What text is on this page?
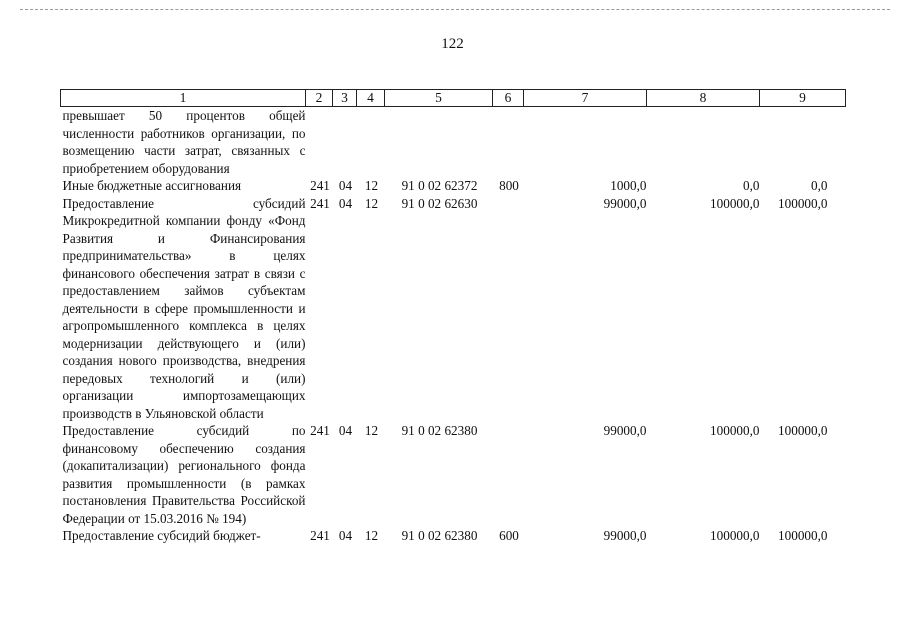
122
1	2	3	4	5	6	7	8	9
превышает 50 процентов общей численности работников организации, по возмещению части затрат, связанных с приобретением оборудования								
Иные бюджетные ассигнования	241	04	12	91 0 02 62372	800	1000,0	0,0	0,0
Предоставление субсидий Микрокредитной компании фонду «Фонд Развития и Финансирования предпринимательства» в целях финансового обеспечения затрат в связи с предоставлением займов субъектам деятельности в сфере промышленности и агропромышленного комплекса в целях модернизации действующего и (или) создания нового производства, внедрения передовых технологий и (или) организации импортозамещающих производств в Ульяновской области	241	04	12	91 0 02 62630		99000,0	100000,0	100000,0
Предоставление субсидий по финансовому обеспечению создания (докапитализации) регионального фонда развития промышленности (в рамках постановления Правительства Российской Федерации от 15.03.2016 № 194)	241	04	12	91 0 02 62380		99000,0	100000,0	100000,0
Предоставление субсидий бюджет-	241	04	12	91 0 02 62380	600	99000,0	100000,0	100000,0
